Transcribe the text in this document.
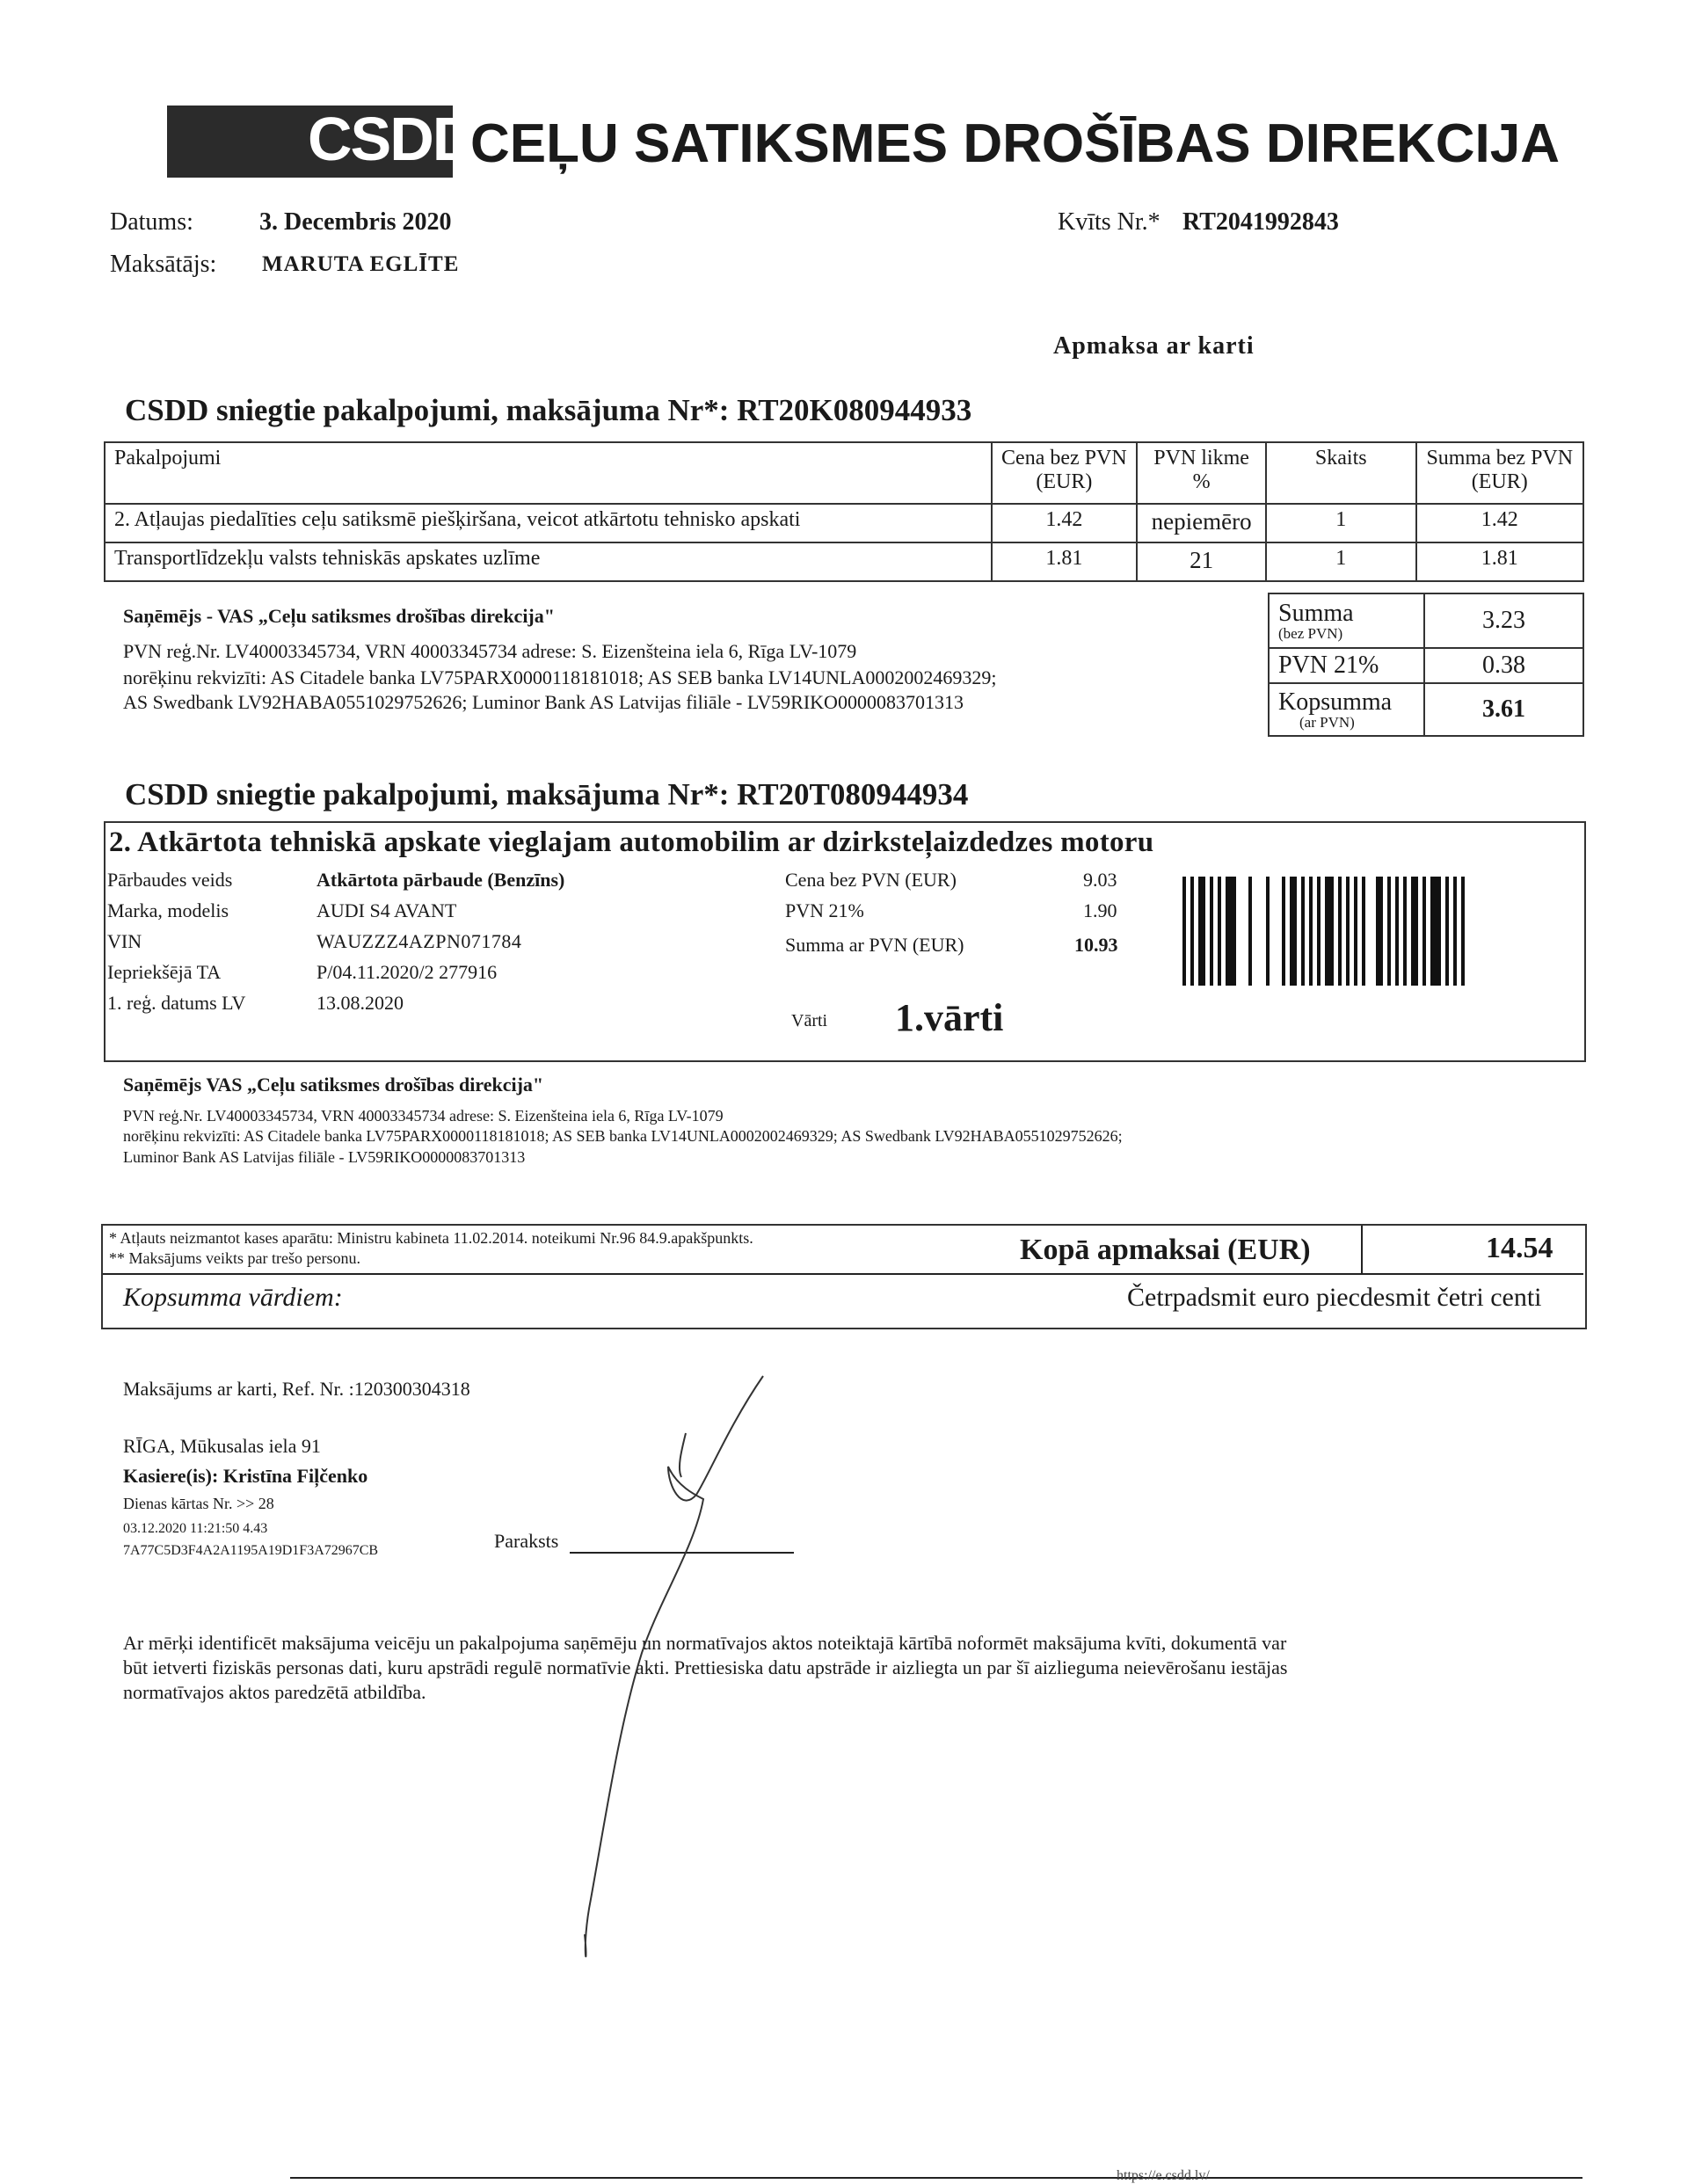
CSDD
CEĻU SATIKSMES DROŠĪBAS DIREKCIJA
Datums:	3. Decembris 2020
Maksātājs: MARUTA EGLĪTE
Kvīts Nr.* RT2041992843
Apmaksa ar karti
CSDD sniegtie pakalpojumi, maksājuma Nr*: RT20K080944933
Pakalpojumi	Cena bez PVN (EUR)	PVN likme %	Skaits	Summa bez PVN (EUR)
2. Atļaujas piedalīties ceļu satiksmē piešķiršana, veicot atkārtotu tehnisko apskati	1.42	nepiemēro	1	1.42
Transportlīdzekļu valsts tehniskās apskates uzlīme	1.81	21	1	1.81
Saņēmējs - VAS „Ceļu satiksmes drošības direkcija"
PVN reģ.Nr. LV40003345734, VRN 40003345734 adrese: S. Eizenšteina iela 6, Rīga LV-1079
norēķinu rekvizīti: AS Citadele banka LV75PARX0000118181018; AS SEB banka LV14UNLA0002002469329;
AS Swedbank LV92HABA0551029752626; Luminor Bank AS Latvijas filiāle - LV59RIKO0000083701313
Summa
(bez PVN)	3.23
PVN 21%	0.38

Kopsumma
(ar PVN)	3.61
CSDD sniegtie pakalpojumi, maksājuma Nr*: RT20T080944934
2. Atkārtota tehniskā apskate vieglajam automobilim ar dzirksteļaizdedzes motoru
Pārbaudes veids	Atkārtota pārbaude (Benzīns)
Marka, modelis	AUDI S4 AVANT
VIN	WAUZZZ4AZPN071784
Iepriekšējā TA	P/04.11.2020/2 277916
1. reģ. datums LV	13.08.2020
Cena bez PVN (EUR)	9.03
PVN 21%	1.90
Summa ar PVN (EUR)	10.93
Vārti 1.vārti
Saņēmējs VAS „Ceļu satiksmes drošības direkcija"
PVN reģ.Nr. LV40003345734, VRN 40003345734 adrese: S. Eizenšteina iela 6, Rīga LV-1079
norēķinu rekvizīti: AS Citadele banka LV75PARX0000118181018; AS SEB banka LV14UNLA0002002469329; AS Swedbank LV92HABA0551029752626;
Luminor Bank AS Latvijas filiāle - LV59RIKO0000083701313
* Atļauts neizmantot kases aparātu: Ministru kabineta 11.02.2014. noteikumi Nr.96 84.9.apakšpunkts.
** Maksājums veikts par trešo personu.	Kopā apmaksai (EUR)	14.54
Kopsumma vārdiem:	Četrpadsmit euro piecdesmit četri centi
Maksājums ar karti, Ref. Nr. :120300304318
RĪGA, Mūkusalas iela 91
Kasiere(is): Kristīna Fiļčenko
Dienas kārtas Nr. >> 28
03.12.2020 11:21:50 4.43
7A77C5D3F4A2A1195A19D1F3A72967CB	Paraksts
Ar mērķi identificēt maksājuma veicēju un pakalpojuma saņēmēju un normatīvajos aktos noteiktajā kārtībā noformēt maksājuma kvīti, dokumentā var
būt ietverti fiziskās personas dati, kuru apstrādi regulē normatīvie akti. Prettiesiska datu apstrāde ir aizliegta un par šī aizlieguma neievērošanu iestājas
normatīvajos aktos paredzētā atbildība.
https://e.csdd.lv/
